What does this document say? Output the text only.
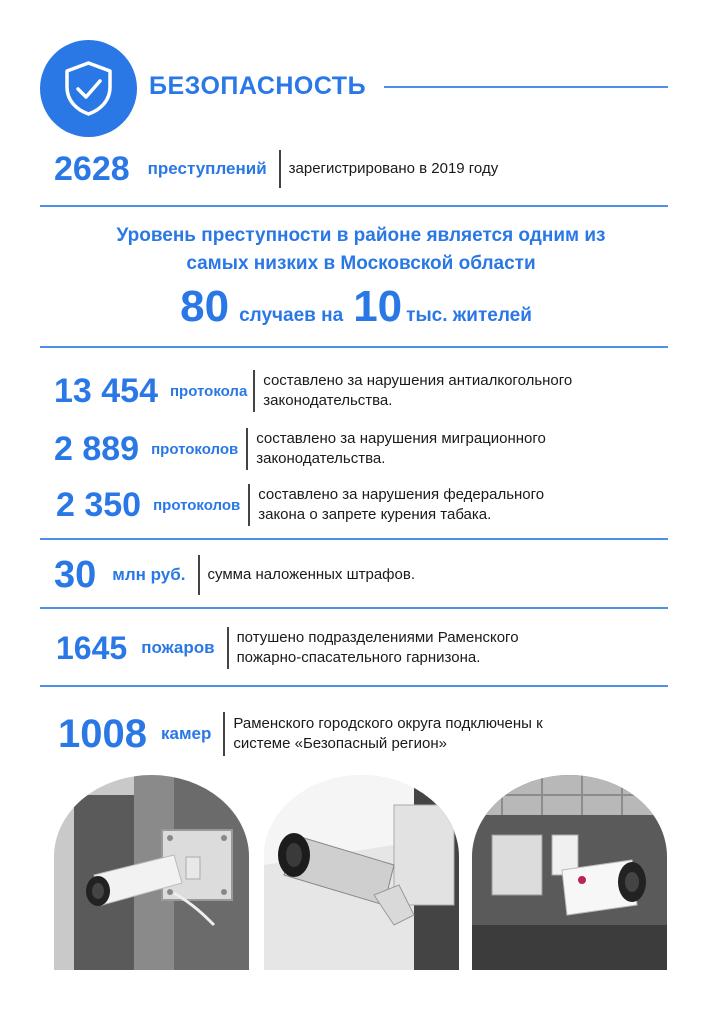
БЕЗОПАСНОСТЬ
2628 преступлений зарегистрировано в 2019 году
Уровень преступности в районе является одним из
самых низких в Московской области
80 случаев на 10 тыс. жителей
13 454 протокола
составлено за нарушения антиалкогольного
законодательства.
2 889 протоколов
составлено за нарушения миграционного
законодательства.
2 350 протоколов
составлено за нарушения федерального
закона о запрете курения табака.
30 млн руб. сумма наложенных штрафов.
1645 пожаров
потушено подразделениями Раменского
пожарно-спасательного гарнизона.
1008 камер
Раменского городского округа подключены к
системе «Безопасный регион»
